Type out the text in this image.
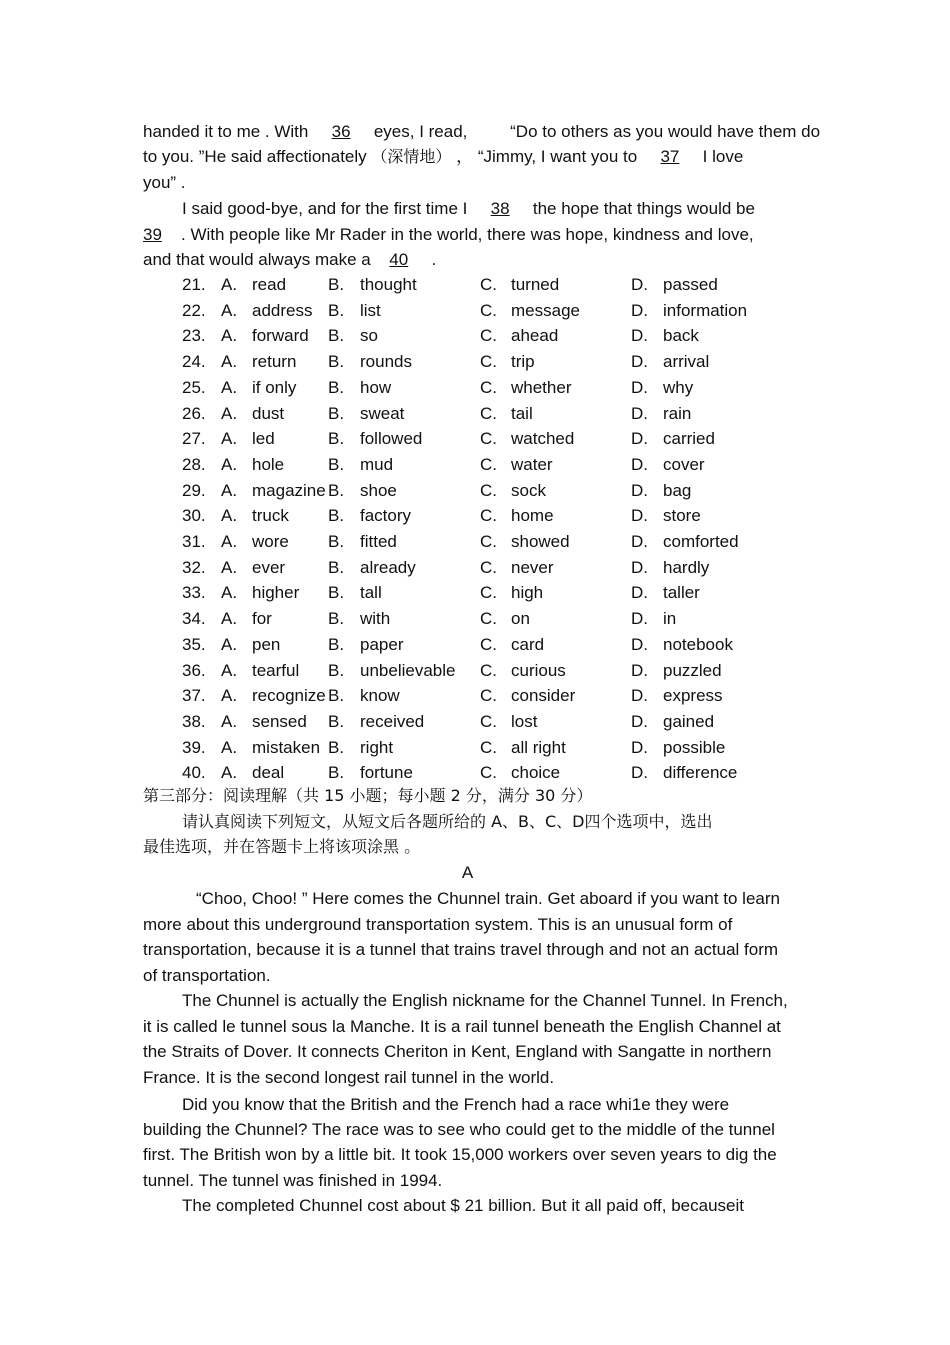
handed it to me . With 36 eyes, I read,	“Do to others as you would have them do
to you. ”He said affectionately （深情地） ， “Jimmy, I want you to 37 I love
you” .
I said good-bye, and for the first time I 38 the hope that things would be
39 . With people like Mr Rader in the world, there was hope, kindness and love,
and that would always make a 40 .
21. A. read B. thought	C. turned	D. passed
22. A. address B. list	C. message	D. information
23. A. forward B. so	C. ahead	D. back
24. A. return B. rounds	C. trip	D. arrival
25. A. if only B. how	C. whether	D. why
26. A. dust	B. sweat	C. tail	D. rain
27. A. led	B. followed	C. watched	D. carried
28. A. hole	B. mud	C. water	D. cover
29. A. magazine B. shoe	C. sock	D. bag
30. A. truck B. factory	C. home	D. store
31. A. wore B. fitted	C. showed	D. comforted
32. A. ever	B. already	C. never	D. hardly
33. A. higher B. tall	C. high	D. taller
34. A. for	B. with	C. on	D. in
35. A. pen	B. paper	C. card	D. notebook
36. A. tearful B. unbelievable C. curious	D. puzzled
37. A. recognize B. know	C. consider	D. express
38. A. sensed B. received	C. lost	D. gained
39. A. mistaken B. right	C. all right	D. possible
40. A. deal	B. fortune	C. choice	D. difference
第三部分：阅读理解（共 15 小题；每小题 2 分，满分 30 分）
请认真阅读下列短文，从短文后各题所给的 A、B、C、D四个选项中，选出
最佳选项，并在答题卡上将该项涂黑 。
A
“Choo, Choo! ” Here comes the Chunnel train. Get aboard if you want to learn
more about this underground transportation system. This is an unusual form of
transportation, because it is a tunnel that trains travel through and not an actual form
of transportation.
The Chunnel is actually the English nickname for the Channel Tunnel. In French,
it is called le tunnel sous la Manche. It is a rail tunnel beneath the English Channel at
the Straits of Dover. It connects Cheriton in Kent, England with Sangatte in northern
France. It is the second longest rail tunnel in the world.
Did you know that the British and the French had a race whi1e they were
building the Chunnel? The race was to see who could get to the middle of the tunnel
first. The British won by a little bit. It took 15,000 workers over seven years to dig the
tunnel. The tunnel was finished in 1994.
The completed Chunnel cost about $ 21 billion. But it all paid off, becauseit
